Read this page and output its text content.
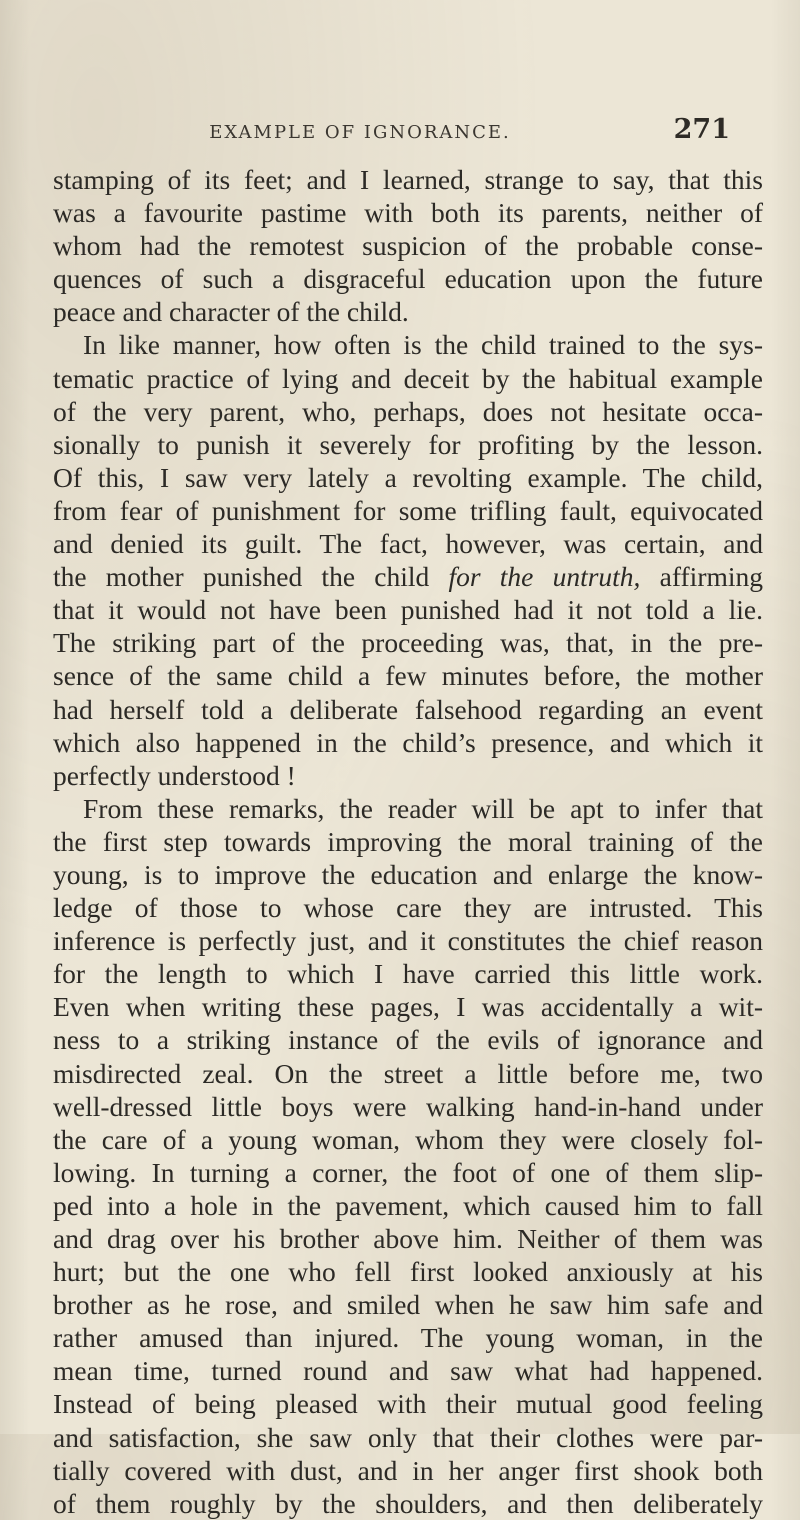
EXAMPLE OF IGNORANCE.	271
stamping of its feet; and I learned, strange to say, that this
was a favourite pastime with both its parents, neither of
whom had the remotest suspicion of the probable conse-
quences of such a disgraceful education upon the future
peace and character of the child.
In like manner, how often is the child trained to the sys-
tematic practice of lying and deceit by the habitual example
of the very parent, who, perhaps, does not hesitate occa-
sionally to punish it severely for profiting by the lesson.
Of this, I saw very lately a revolting example. The child,
from fear of punishment for some trifling fault, equivocated
and denied its guilt. The fact, however, was certain, and
the mother punished the child for the untruth, affirming
that it would not have been punished had it not told a lie.
The striking part of the proceeding was, that, in the pre-
sence of the same child a few minutes before, the mother
had herself told a deliberate falsehood regarding an event
which also happened in the child’s presence, and which it
perfectly understood !
From these remarks, the reader will be apt to infer that
the first step towards improving the moral training of the
young, is to improve the education and enlarge the know-
ledge of those to whose care they are intrusted. This
inference is perfectly just, and it constitutes the chief reason
for the length to which I have carried this little work.
Even when writing these pages, I was accidentally a wit-
ness to a striking instance of the evils of ignorance and
misdirected zeal. On the street a little before me, two
well-dressed little boys were walking hand-in-hand under
the care of a young woman, whom they were closely fol-
lowing. In turning a corner, the foot of one of them slip-
ped into a hole in the pavement, which caused him to fall
and drag over his brother above him. Neither of them was
hurt; but the one who fell first looked anxiously at his
brother as he rose, and smiled when he saw him safe and
rather amused than injured. The young woman, in the
mean time, turned round and saw what had happened.
Instead of being pleased with their mutual good feeling
and satisfaction, she saw only that their clothes were par-
tially covered with dust, and in her anger first shook both
of them roughly by the shoulders, and then deliberately
